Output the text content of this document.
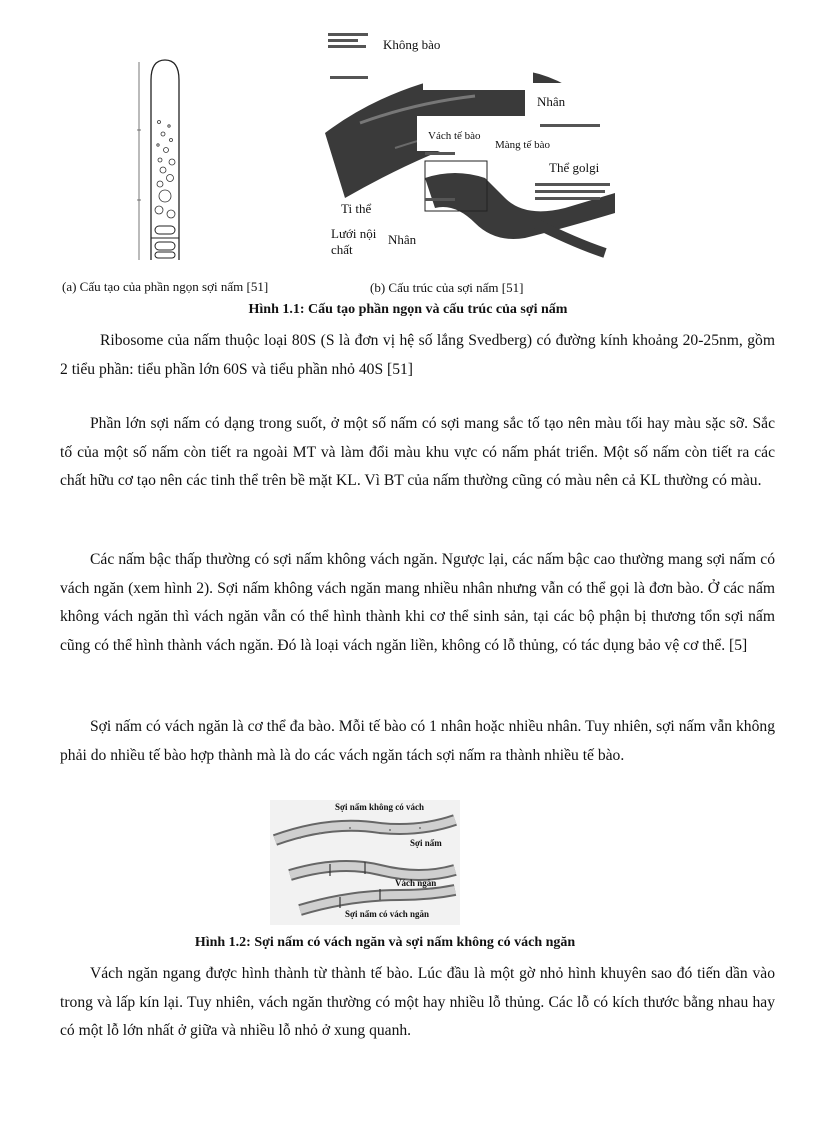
Không bào
Nhân
Vách tế bào
Màng tế bào
Thể golgi
Ti thể
Lưới nội
chất
Nhân
(a) Cấu tạo của phần ngọn sợi nấm [51]	(b) Cấu trúc của sợi nấm [51]
Hình 1.1: Cấu tạo phần ngọn và cấu trúc của sợi nấm

Ribosome của nấm thuộc loại 80S (S là đơn vị hệ số lắng Svedberg) có đường kính khoảng 20-25nm, gồm 2 tiểu phần: tiểu phần lớn 60S và tiểu phần nhỏ 40S [51]

Phần lớn sợi nấm có dạng trong suốt, ở một số nấm có sợi mang sắc tố tạo nên màu tối hay màu sặc sỡ. Sắc tố của một số nấm còn tiết ra ngoài MT và làm đổi màu khu vực có nấm phát triển. Một số nấm còn tiết ra các chất hữu cơ tạo nên các tinh thể trên bề mặt KL. Vì BT của nấm thường cũng có màu nên cả KL thường có màu.

Các nấm bậc thấp thường có sợi nấm không vách ngăn. Ngược lại, các nấm bậc cao thường mang sợi nấm có vách ngăn (xem hình 2). Sợi nấm không vách ngăn mang nhiều nhân nhưng vẫn có thể gọi là đơn bào. Ở các nấm không vách ngăn thì vách ngăn vẫn có thể hình thành khi cơ thể sinh sản, tại các bộ phận bị thương tổn sợi nấm cũng có thể hình thành vách ngăn. Đó là loại vách ngăn liền, không có lỗ thủng, có tác dụng bảo vệ cơ thể. [5]

Sợi nấm có vách ngăn là cơ thể đa bào. Mỗi tế bào có 1 nhân hoặc nhiều nhân. Tuy nhiên, sợi nấm vẫn không phải do nhiều tế bào hợp thành mà là do các vách ngăn tách sợi nấm ra thành nhiều tế bào.

Sợi nấm không có vách
Sợi nấm
Vách ngăn
Sợi nấm có vách ngăn
Hình 1.2: Sợi nấm có vách ngăn và sợi nấm không có vách ngăn

Vách ngăn ngang được hình thành từ thành tế bào. Lúc đầu là một gờ nhỏ hình khuyên sao đó tiến dần vào trong và lấp kín lại. Tuy nhiên, vách ngăn thường có một hay nhiều lỗ thủng. Các lỗ có kích thước bằng nhau hay có một lỗ lớn nhất ở giữa và nhiều lỗ nhỏ ở xung quanh.
